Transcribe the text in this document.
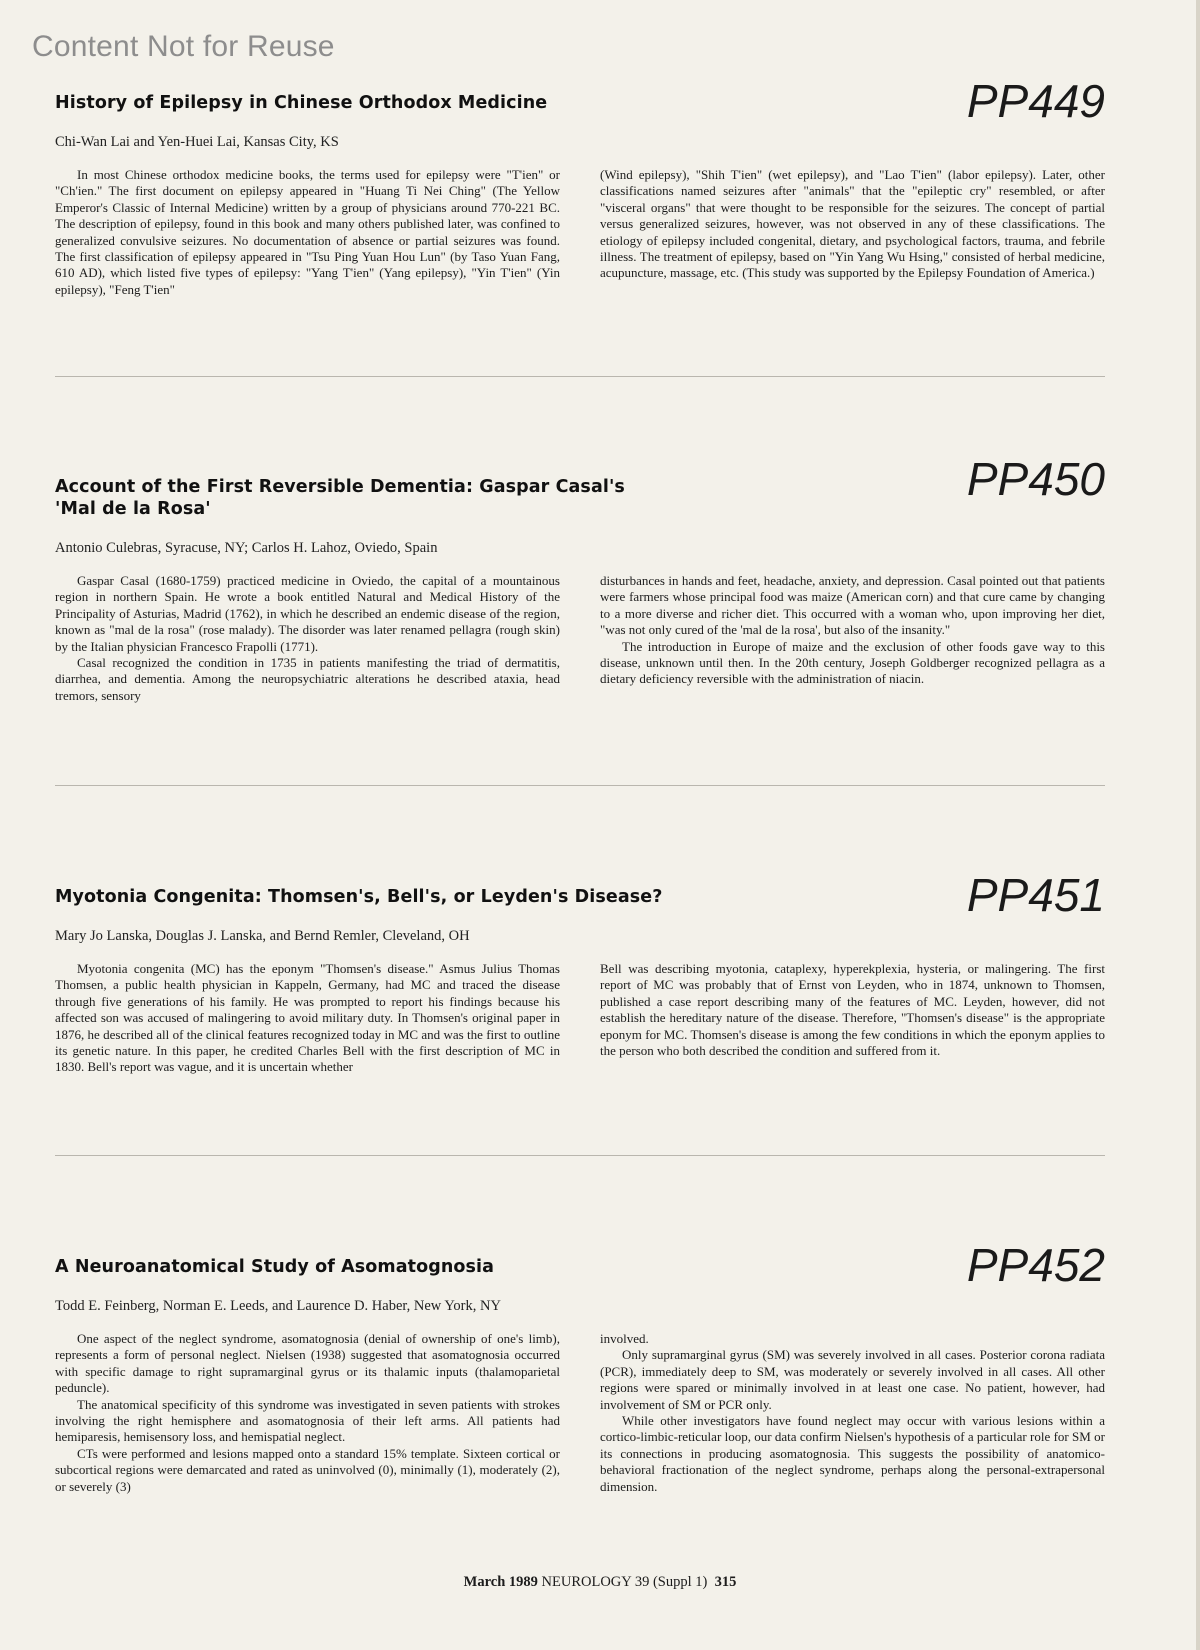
Content Not for Reuse
History of Epilepsy in Chinese Orthodox Medicine	PP449
Chi-Wan Lai and Yen-Huei Lai, Kansas City, KS

In most Chinese orthodox medicine books, the terms used for epilepsy were "T'ien" or "Ch'ien." The first document on epilepsy appeared in "Huang Ti Nei Ching" (The Yellow Emperor's Classic of Internal Medicine) written by a group of physicians around 770-221 BC. The description of epilepsy, found in this book and many others published later, was confined to generalized convulsive seizures. No documentation of absence or partial seizures was found. The first classification of epilepsy appeared in "Tsu Ping Yuan Hou Lun" (by Taso Yuan Fang, 610 AD), which listed five types of epilepsy: "Yang T'ien" (Yang epilepsy), "Yin T'ien" (Yin epilepsy), "Feng T'ien"

(Wind epilepsy), "Shih T'ien" (wet epilepsy), and "Lao T'ien" (labor epilepsy). Later, other classifications named seizures after "animals" that the "epileptic cry" resembled, or after "visceral organs" that were thought to be responsible for the seizures. The concept of partial versus generalized seizures, however, was not observed in any of these classifications. The etiology of epilepsy included congenital, dietary, and psychological factors, trauma, and febrile illness. The treatment of epilepsy, based on "Yin Yang Wu Hsing," consisted of herbal medicine, acupuncture, massage, etc. (This study was supported by the Epilepsy Foundation of America.)

Account of the First Reversible Dementia: Gaspar Casal's 'Mal de la Rosa'
PP450
Antonio Culebras, Syracuse, NY; Carlos H. Lahoz, Oviedo, Spain

Gaspar Casal (1680-1759) practiced medicine in Oviedo, the capital of a mountainous region in northern Spain. He wrote a book entitled Natural and Medical History of the Principality of Asturias, Madrid (1762), in which he described an endemic disease of the region, known as "mal de la rosa" (rose malady). The disorder was later renamed pellagra (rough skin) by the Italian physician Francesco Frapolli (1771).

Casal recognized the condition in 1735 in patients manifesting the triad of dermatitis, diarrhea, and dementia. Among the neuropsychiatric alterations he described ataxia, head tremors, sensory

disturbances in hands and feet, headache, anxiety, and depression. Casal pointed out that patients were farmers whose principal food was maize (American corn) and that cure came by changing to a more diverse and richer diet. This occurred with a woman who, upon improving her diet, "was not only cured of the 'mal de la rosa', but also of the insanity."

The introduction in Europe of maize and the exclusion of other foods gave way to this disease, unknown until then. In the 20th century, Joseph Goldberger recognized pellagra as a dietary deficiency reversible with the administration of niacin.

Myotonia Congenita: Thomsen's, Bell's, or Leyden's Disease?	PP451
Mary Jo Lanska, Douglas J. Lanska, and Bernd Remler, Cleveland, OH

Myotonia congenita (MC) has the eponym "Thomsen's disease." Asmus Julius Thomas Thomsen, a public health physician in Kappeln, Germany, had MC and traced the disease through five generations of his family. He was prompted to report his findings because his affected son was accused of malingering to avoid military duty. In Thomsen's original paper in 1876, he described all of the clinical features recognized today in MC and was the first to outline its genetic nature. In this paper, he credited Charles Bell with the first description of MC in 1830. Bell's report was vague, and it is uncertain whether

Bell was describing myotonia, cataplexy, hyperekplexia, hysteria, or malingering. The first report of MC was probably that of Ernst von Leyden, who in 1874, unknown to Thomsen, published a case report describing many of the features of MC. Leyden, however, did not establish the hereditary nature of the disease. Therefore, "Thomsen's disease" is the appropriate eponym for MC. Thomsen's disease is among the few conditions in which the eponym applies to the person who both described the condition and suffered from it.

A Neuroanatomical Study of Asomatognosia	PP452
Todd E. Feinberg, Norman E. Leeds, and Laurence D. Haber, New York, NY

One aspect of the neglect syndrome, asomatognosia (denial of ownership of one's limb), represents a form of personal neglect. Nielsen (1938) suggested that asomatognosia occurred with specific damage to right supramarginal gyrus or its thalamic inputs (thalamoparietal peduncle).

The anatomical specificity of this syndrome was investigated in seven patients with strokes involving the right hemisphere and asomatognosia of their left arms. All patients had hemiparesis, hemisensory loss, and hemispatial neglect.

CTs were performed and lesions mapped onto a standard 15% template. Sixteen cortical or subcortical regions were demarcated and rated as uninvolved (0), minimally (1), moderately (2), or severely (3)

involved.

Only supramarginal gyrus (SM) was severely involved in all cases. Posterior corona radiata (PCR), immediately deep to SM, was moderately or severely involved in all cases. All other regions were spared or minimally involved in at least one case. No patient, however, had involvement of SM or PCR only.

While other investigators have found neglect may occur with various lesions within a cortico-limbic-reticular loop, our data confirm Nielsen's hypothesis of a particular role for SM or its connections in producing asomatognosia. This suggests the possibility of anatomico-behavioral fractionation of the neglect syndrome, perhaps along the personal-extrapersonal dimension.

March 1989 NEUROLOGY 39 (Suppl 1) 315
